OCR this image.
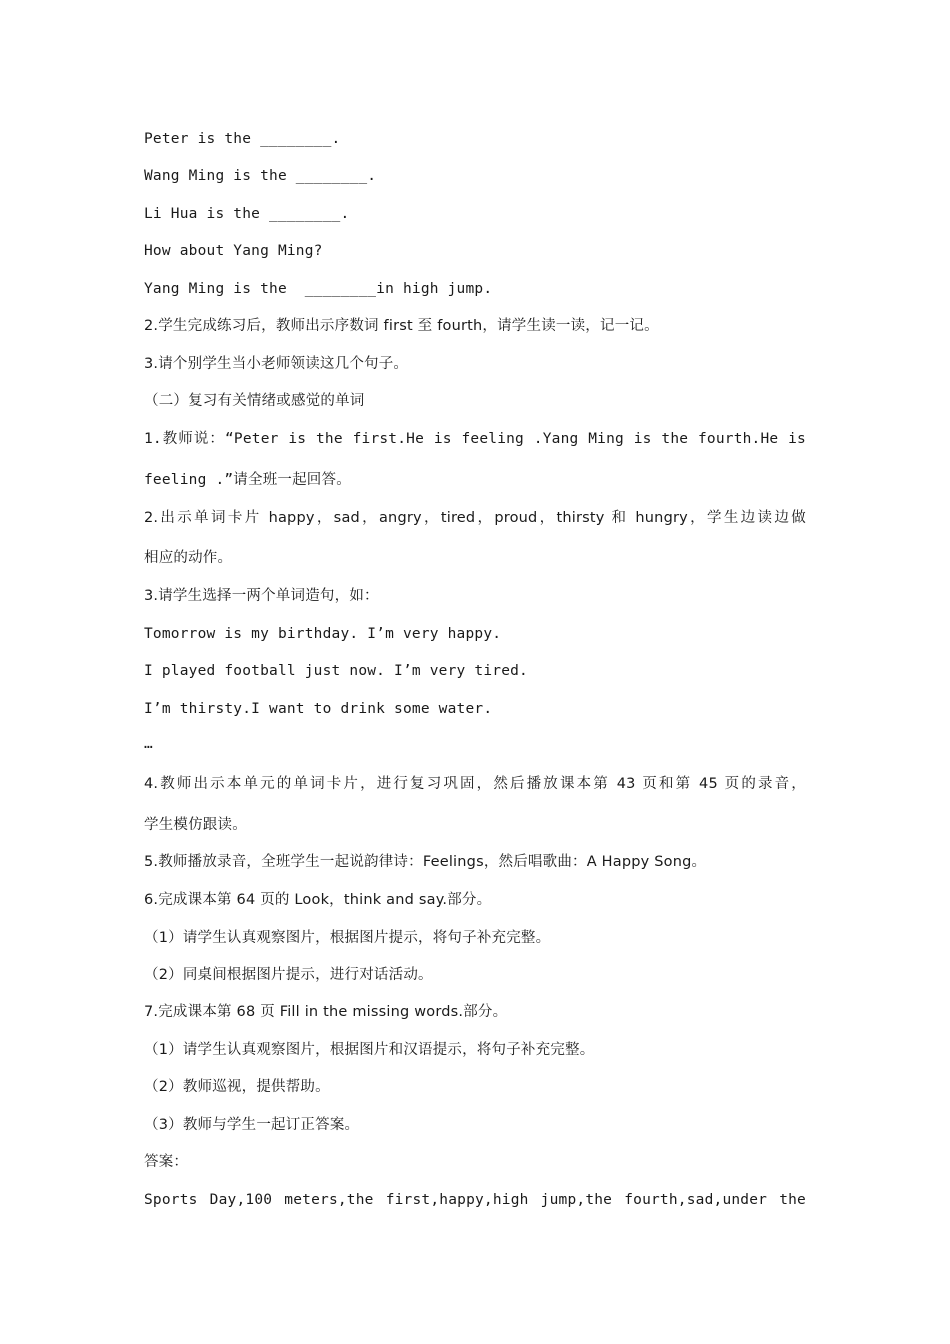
Peter is the ________.
Wang Ming is the ________.
Li Hua is the ________.
How about Yang Ming?
Yang Ming is the  ________in high jump.
2.学生完成练习后，教师出示序数词 first 至 fourth，请学生读一读，记一记。
3.请个别学生当小老师领读这几个句子。
（二）复习有关情绪或感觉的单词
1.教师说：“Peter is the first.He is feeling .Yang Ming is the fourth.He is
feeling .”请全班一起回答。
2.出示单词卡片 happy，sad，angry，tired，proud，thirsty 和 hungry，学生边读边做
相应的动作。
3.请学生选择一两个单词造句，如：
Tomorrow is my birthday. I’m very happy.
I played football just now. I’m very tired.
I’m thirsty.I want to drink some water.
…
4.教师出示本单元的单词卡片，进行复习巩固，然后播放课本第 43 页和第 45 页的录音，
学生模仿跟读。
5.教师播放录音，全班学生一起说韵律诗：Feelings，然后唱歌曲：A Happy Song。
6.完成课本第 64 页的 Look，think and say.部分。
（1）请学生认真观察图片，根据图片提示，将句子补充完整。
（2）同桌间根据图片提示，进行对话活动。
7.完成课本第 68 页 Fill in the missing words.部分。
（1）请学生认真观察图片，根据图片和汉语提示，将句子补充完整。
（2）教师巡视，提供帮助。
（3）教师与学生一起订正答案。
答案：
Sports Day,100 meters,the first,happy,high jump,the fourth,sad,under the
